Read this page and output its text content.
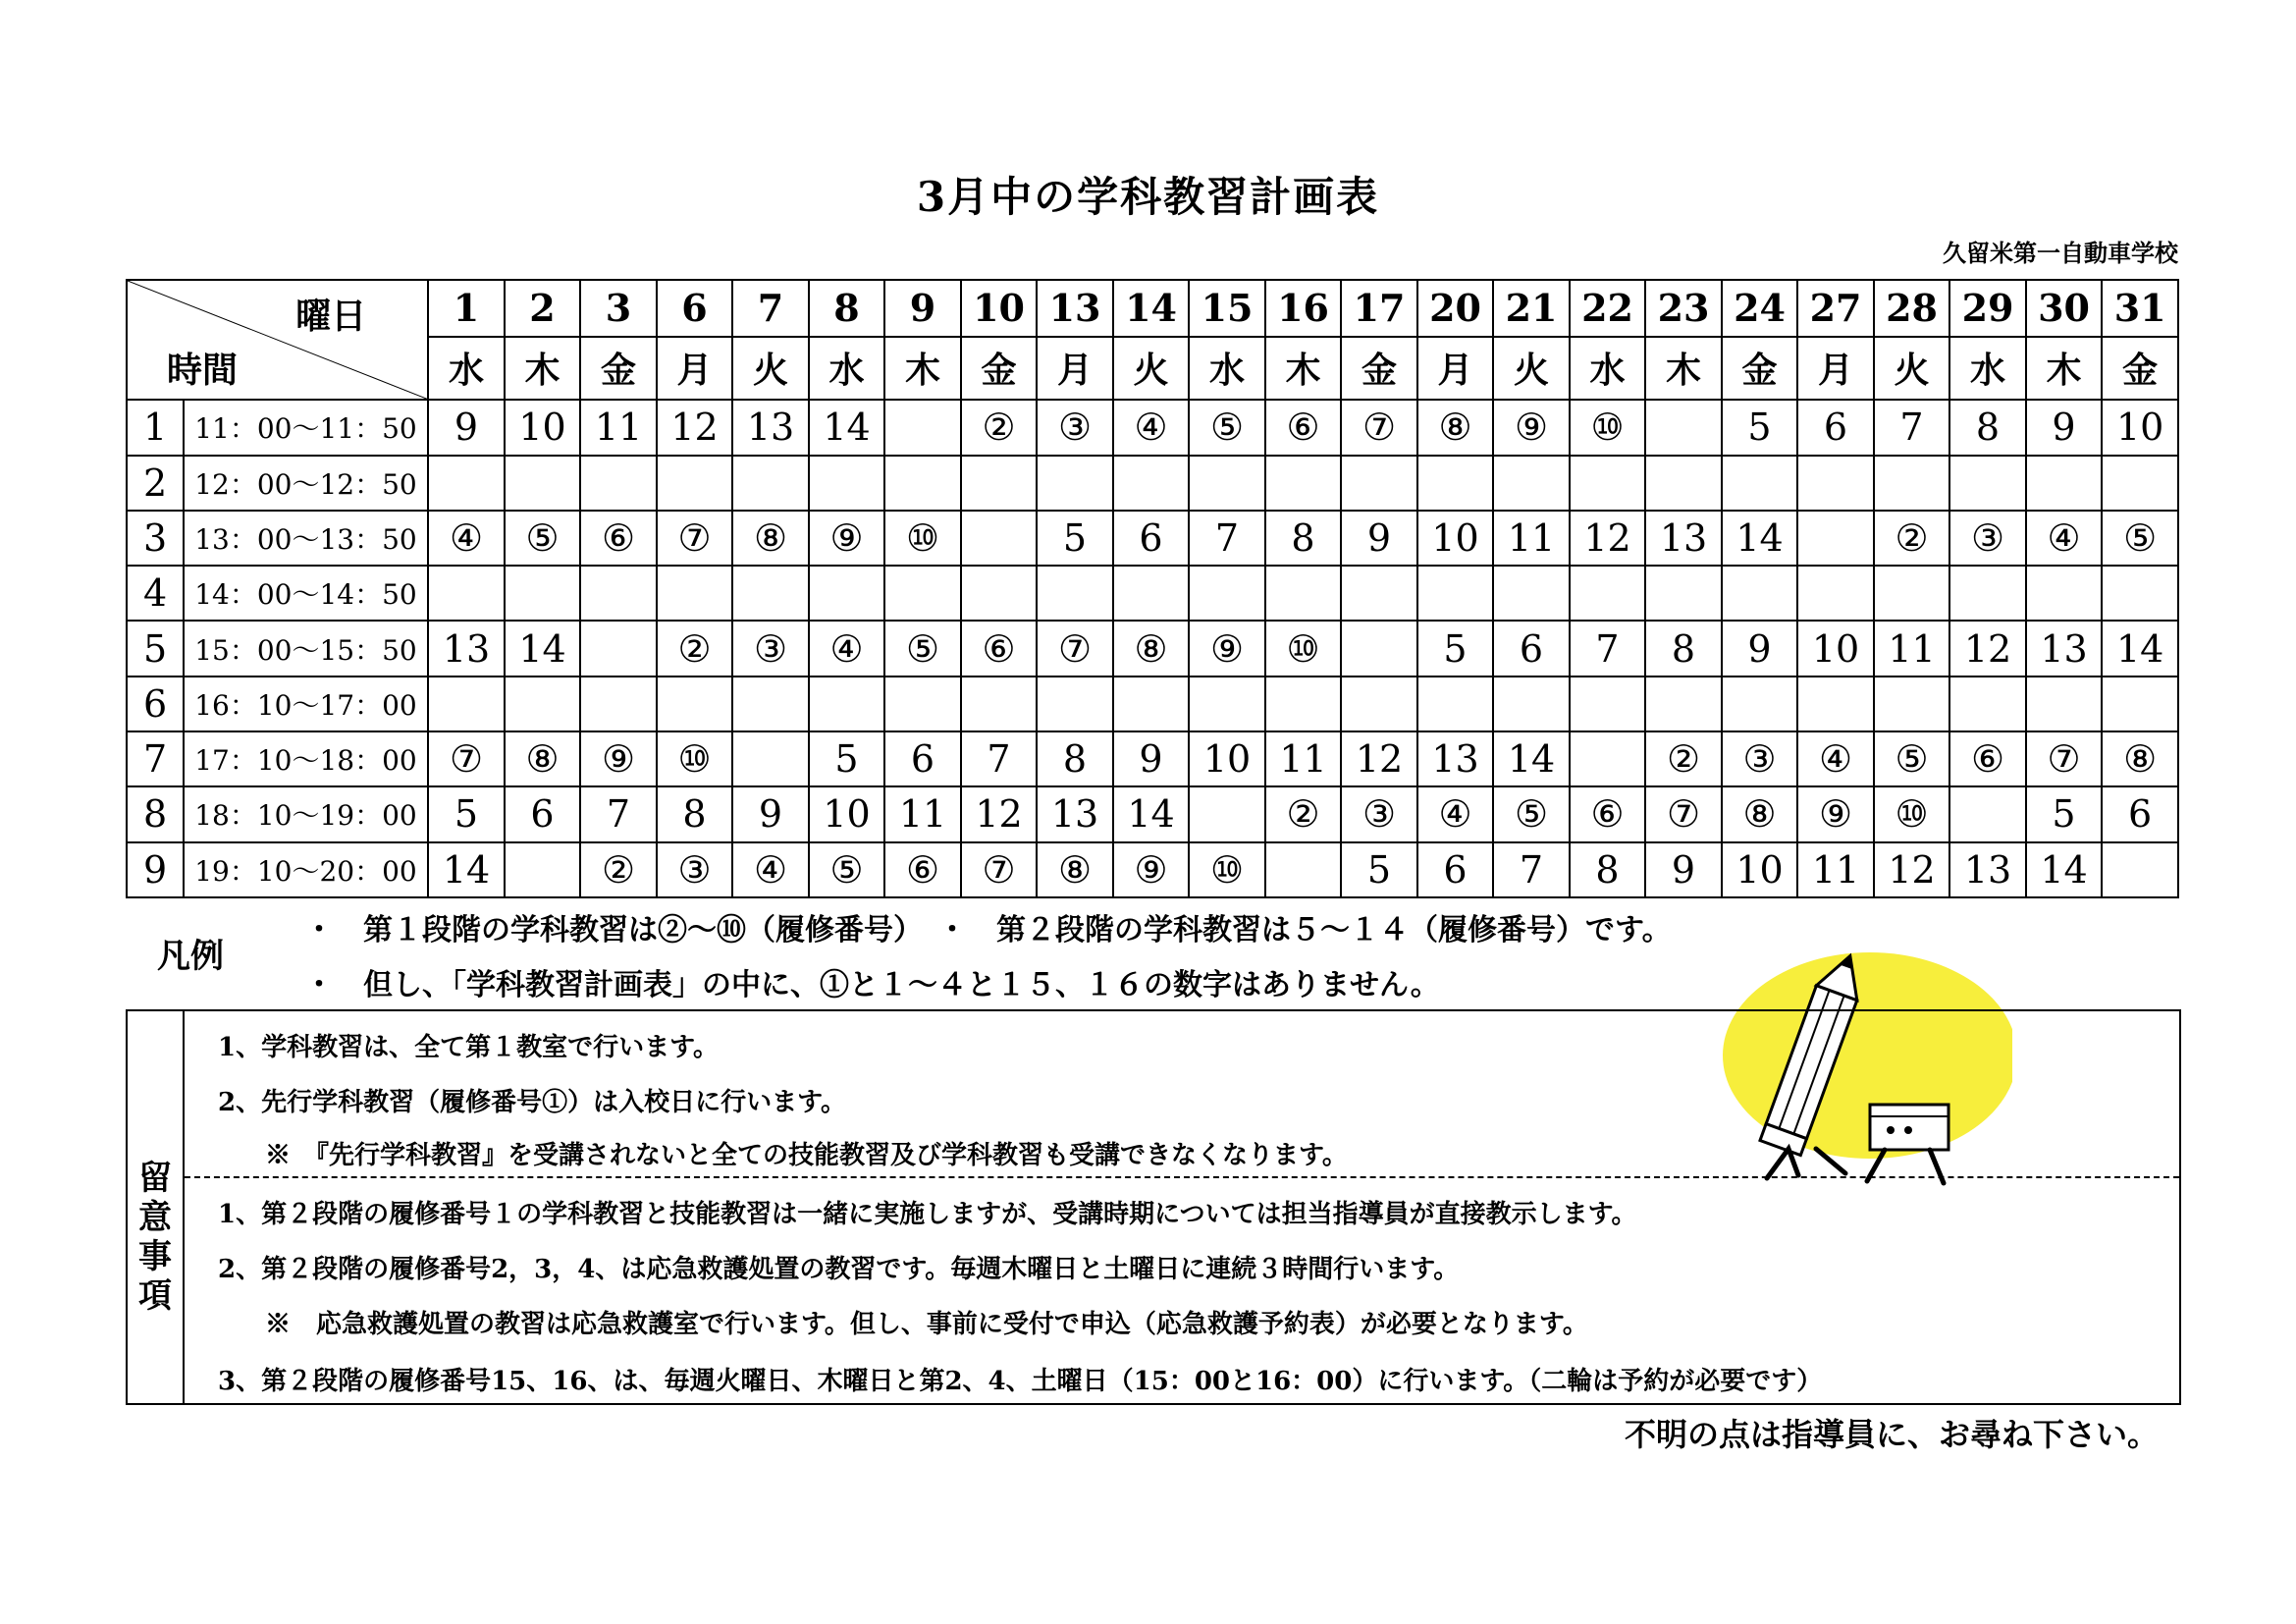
3月中の学科教習計画表
久留米第一自動車学校
曜日
時間		1	2	3	6	7	8	9	10	13	14	15	16	17	20	21	22	23	24	27	28	29	30	31
		水	木	金	月	火	水	木	金	月	火	水	木	金	月	火	水	木	金	月	火	水	木	金
1	11：00～11：50	9	10	11	12	13	14		②	③	④	⑤	⑥	⑦	⑧	⑨	⑩		5	6	7	8	9	10
2	12：00～12：50																							
3	13：00～13：50	④	⑤	⑥	⑦	⑧	⑨	⑩		5	6	7	8	9	10	11	12	13	14		②	③	④	⑤
4	14：00～14：50																							
5	15：00～15：50	13	14		②	③	④	⑤	⑥	⑦	⑧	⑨	⑩		5	6	7	8	9	10	11	12	13	14
6	16：10～17：00																							
7	17：10～18：00	⑦	⑧	⑨	⑩		5	6	7	8	9	10	11	12	13	14		②	③	④	⑤	⑥	⑦	⑧
8	18：10～19：00	5	6	7	8	9	10	11	12	13	14		②	③	④	⑤	⑥	⑦	⑧	⑨	⑩		5	6
9	19：10～20：00	14		②	③	④	⑤	⑥	⑦	⑧	⑨	⑩		5	6	7	8	9	10	11	12	13	14	
凡例
・　第１段階の学科教習は②～⑩（履修番号）　・　第２段階の学科教習は５～１４（履修番号）です。
・　但し、「学科教習計画表」の中に、①と１～４と１５、１６の数字はありません。
留意事項
1、学科教習は、全て第１教室で行います。
2、先行学科教習（履修番号①）は入校日に行います。
※　『先行学科教習』を受講されないと全ての技能教習及び学科教習も受講できなくなります。
1、第２段階の履修番号１の学科教習と技能教習は一緒に実施しますが、受講時期については担当指導員が直接教示します。
2、第２段階の履修番号2，3，4、は応急救護処置の教習です。毎週木曜日と土曜日に連続３時間行います。
※　応急救護処置の教習は応急救護室で行います。但し、事前に受付で申込（応急救護予約表）が必要となります。
3、第２段階の履修番号15、16、は、毎週火曜日、木曜日と第2、4、土曜日（15：00と16：00）に行います。（二輪は予約が必要です）
不明の点は指導員に、お尋ね下さい。
